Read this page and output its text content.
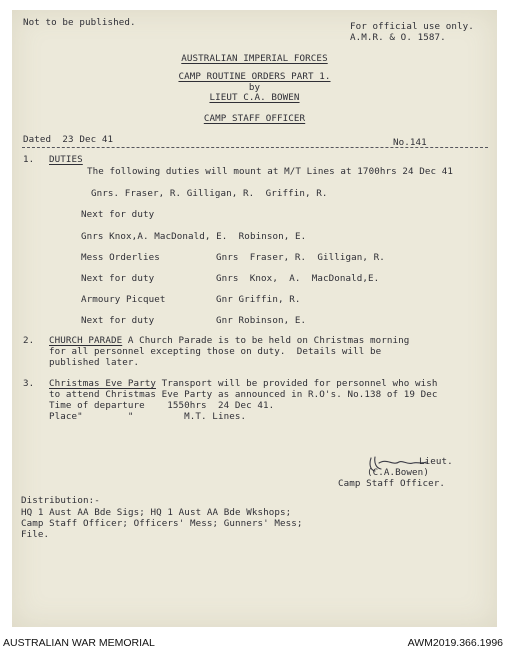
Not to be published.	For official use only.
A.M.R. & O. 1587.
AUSTRALIAN IMPERIAL FORCES
CAMP ROUTINE ORDERS PART 1.
by
LIEUT C.A. BOWEN
CAMP STAFF OFFICER
Dated  23 Dec 41	No.141
1. DUTIES
The following duties will mount at M/T Lines at 1700hrs 24 Dec 41
Gnrs. Fraser, R. Gilligan, R.  Griffin, R.
Next for duty
Gnrs Knox,A. MacDonald, E.  Robinson, E.
Mess Orderlies	Gnrs  Fraser, R.  Gilligan, R.
Next for duty	Gnrs  Knox,  A.  MacDonald,E.
Armoury Picquet	Gnr Griffin, R.
Next for duty	Gnr Robinson, E.
2. CHURCH PARADE A Church Parade is to be held on Christmas morning
for all personnel excepting those on duty.  Details will be
published later.
3. Christmas Eve Party Transport will be provided for personnel who wish
to attend Christmas Eve Party as announced in R.O's. No.138 of 19 Dec
Time of departure    1550hrs  24 Dec 41.
Place"        "         M.T. Lines.
Lieut.
(C.A.Bowen)
Camp Staff Officer.
Distribution:-
HQ 1 Aust AA Bde Sigs; HQ 1 Aust AA Bde Wkshops;
Camp Staff Officer; Officers' Mess; Gunners' Mess;
File.
AUSTRALIAN WAR MEMORIAL	AWM2019.366.1996
